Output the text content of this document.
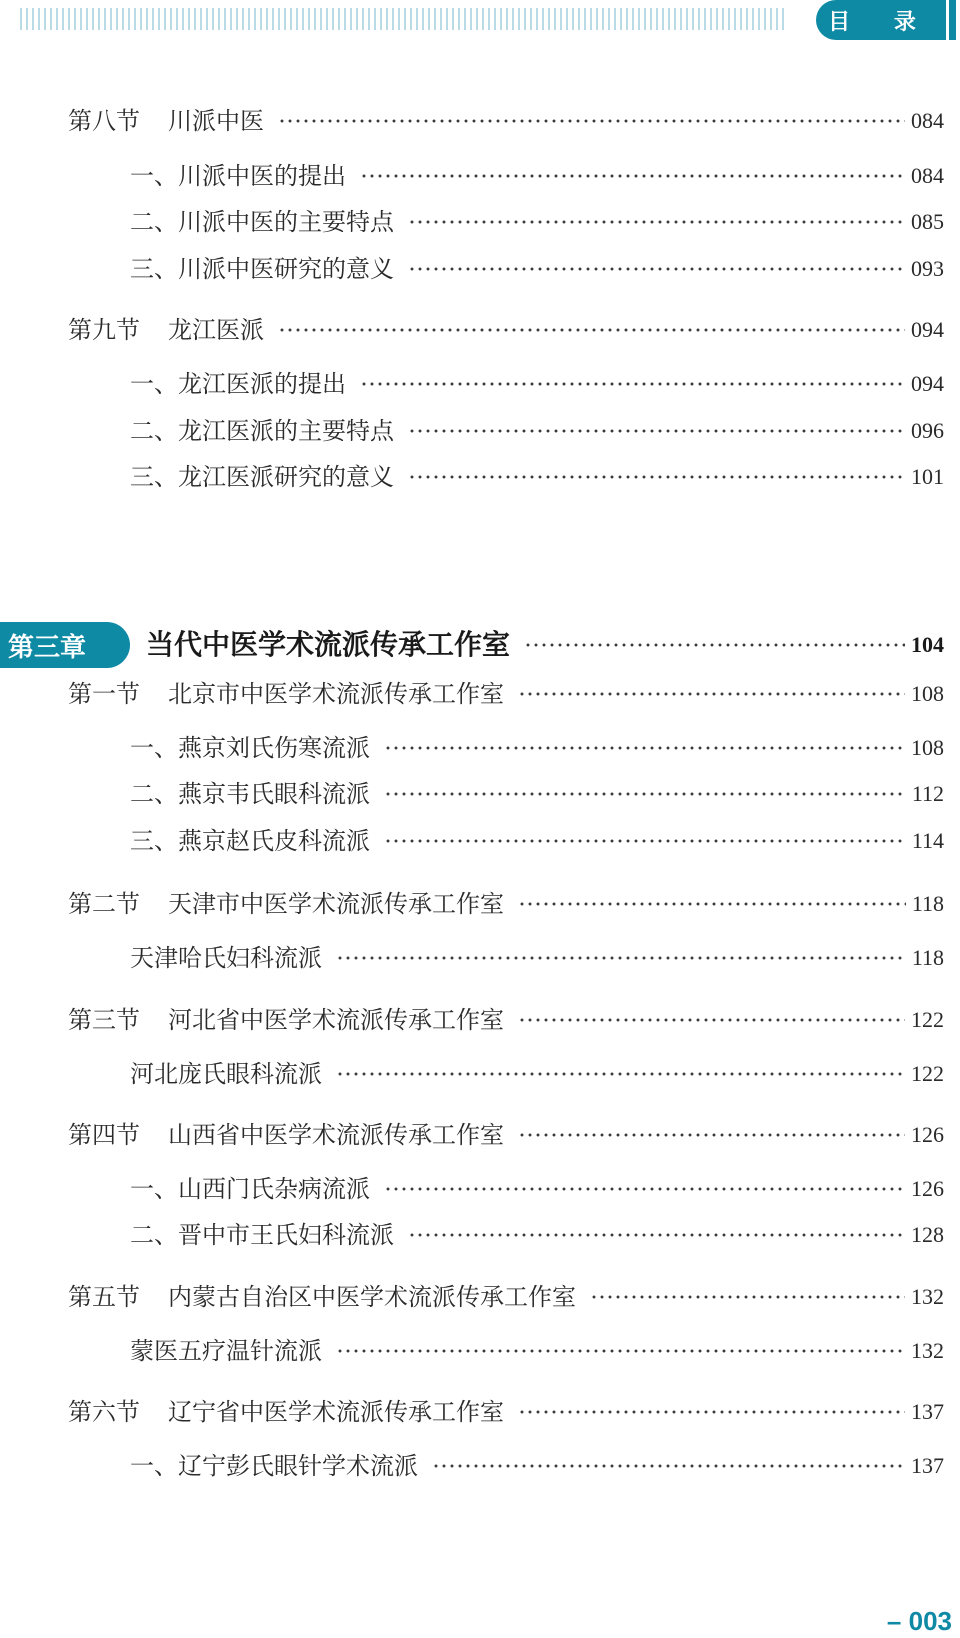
目 录
第三章	当代中医学术流派传承工作室	104
第八节 川派中医	084
一、川派中医的提出	084
二、川派中医的主要特点	085
三、川派中医研究的意义	093
第九节 龙江医派	094
一、龙江医派的提出	094
二、龙江医派的主要特点	096
三、龙江医派研究的意义	101
第一节 北京市中医学术流派传承工作室	108
一、燕京刘氏伤寒流派	108
二、燕京韦氏眼科流派	112
三、燕京赵氏皮科流派	114
第二节 天津市中医学术流派传承工作室	118
天津哈氏妇科流派	118
第三节 河北省中医学术流派传承工作室	122
河北庞氏眼科流派	122
第四节 山西省中医学术流派传承工作室	126
一、山西门氏杂病流派	126
二、晋中市王氏妇科流派	128
第五节 内蒙古自治区中医学术流派传承工作室	132
蒙医五疗温针流派	132
第六节 辽宁省中医学术流派传承工作室	137
一、辽宁彭氏眼针学术流派	137
– 003
